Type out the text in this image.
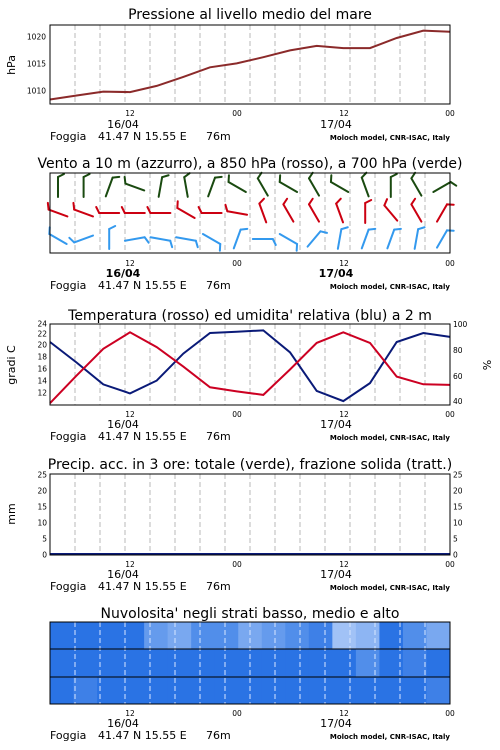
Pressione al livello medio del mare
hPa
1010
1015
1020
12	00	12	00
16/04	17/04
Foggia 41.47 N 15.55 E 76m	Moloch model, CNR-ISAC, Italy
Vento a 10 m (azzurro), a 850 hPa (rosso), a 700 hPa (verde)
12	00	12	00
16/04	17/04
Foggia 41.47 N 15.55 E 76m	Moloch model, CNR-ISAC, Italy
Temperatura (rosso) ed umidita' relativa (blu) a 2 m
gradi C	%
12
14
16
18
20
22
24
40
60
80
100
12	00	12	00
16/04	17/04
Foggia 41.47 N 15.55 E 76m	Moloch model, CNR-ISAC, Italy
Precip. acc. in 3 ore: totale (verde), frazione solida (tratt.)
mm
0
5
10
15
20
25
0
5
10
15
20
25
12	00	12	00
16/04	17/04
Foggia 41.47 N 15.55 E 76m	Moloch model, CNR-ISAC, Italy
Nuvolosita' negli strati basso, medio e alto
12	00	12	00
16/04	17/04
Foggia 41.47 N 15.55 E 76m	Moloch model, CNR-ISAC, Italy
